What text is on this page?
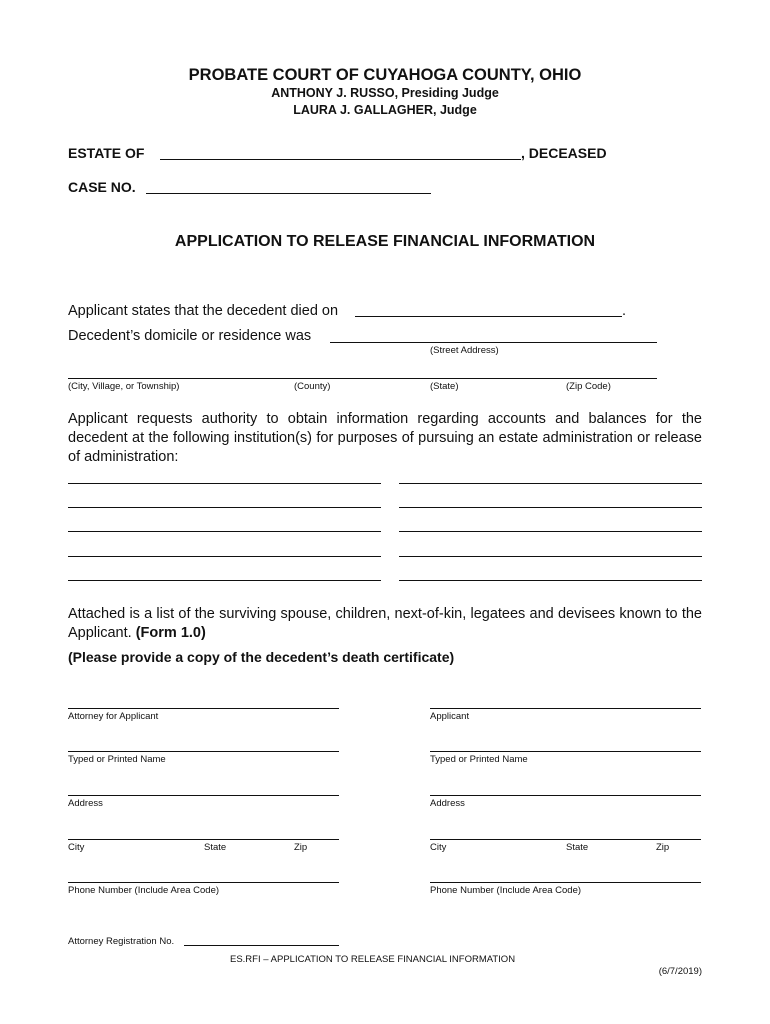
PROBATE COURT OF CUYAHOGA COUNTY, OHIO
ANTHONY J. RUSSO, Presiding Judge
LAURA J. GALLAGHER, Judge
ESTATE OF	, DECEASED
CASE NO.
APPLICATION TO RELEASE FINANCIAL INFORMATION
Applicant states that the decedent died on	.
Decedent’s domicile or residence was
(Street Address)
(City, Village, or Township)	(County)	(State)	(Zip Code)
Applicant requests authority to obtain information regarding accounts and balances for the decedent at the following institution(s) for purposes of pursuing an estate administration or release of administration:
Attached is a list of the surviving spouse, children, next-of-kin, legatees and devisees known to the Applicant. (Form 1.0)
(Please provide a copy of the decedent’s death certificate)
Attorney for Applicant	Applicant
Typed or Printed Name	Typed or Printed Name
Address	Address
City	State	Zip	City	State	Zip
Phone Number (Include Area Code)	Phone Number (Include Area Code)
Attorney Registration No.
ES.RFI – APPLICATION TO RELEASE FINANCIAL INFORMATION
(6/7/2019)
